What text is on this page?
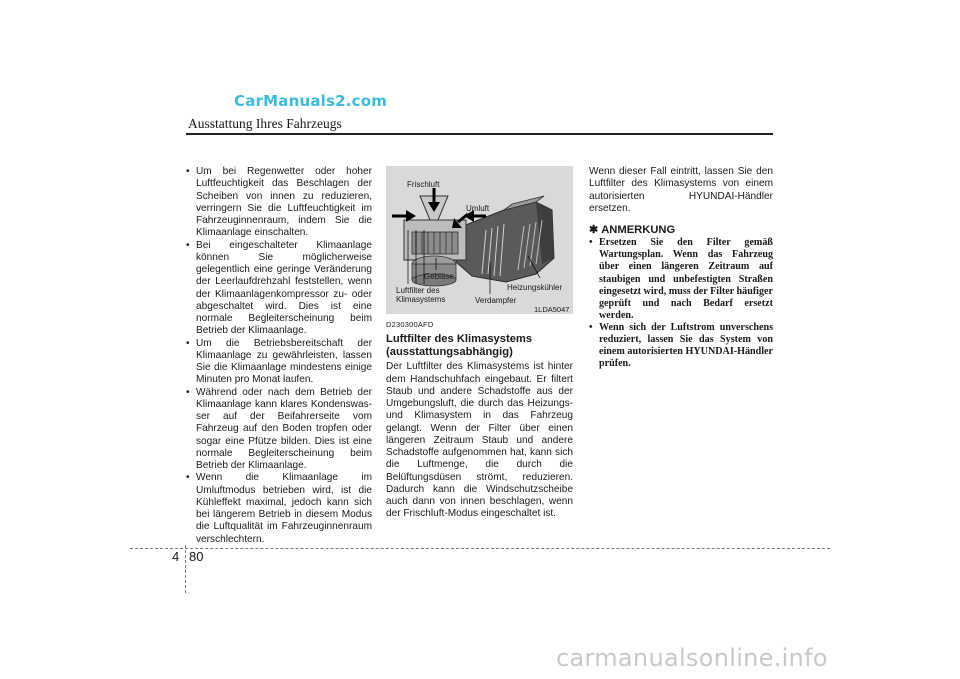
CarManuals2.com
Ausstattung Ihres Fahrzeugs
• Um bei Regenwetter oder hoher Luftfeuchtigkeit das Beschlagen der Scheiben von innen zu reduzieren, verringern Sie die Luftfeuchtigkeit im Fahrzeuginnenraum, indem Sie die Klimaanlage einschalten.
• Bei eingeschalteter Klimaanlage können Sie möglicherweise gelegentlich eine geringe Veränderung der Leerlaufdrehzahl feststellen, wenn der Klimaanlagenkompressor zu- oder abgeschaltet wird. Dies ist eine normale Begleiterscheinung beim Betrieb der Klimaanlage.
• Um die Betriebsbereitschaft der Klimaanlage zu gewährleisten, lassen Sie die Klimaanlage mindestens einige Minuten pro Monat laufen.
• Während oder nach dem Betrieb der Klimaanlage kann klares Kondenswas-ser auf der Beifahrerseite vom Fahrzeug auf den Boden tropfen oder sogar eine Pfütze bilden. Dies ist eine normale Begleiterscheinung beim Betrieb der Klimaanlage.
• Wenn die Klimaanlage im Umluftmodus betrieben wird, ist die Kühleffekt maximal, jedoch kann sich bei längerem Betrieb in diesem Modus die Luftqualität im Fahrzeuginnenraum verschlechtern.
Frischluft
Umluft
Gebläse
Luftfilter des Klimasystems
Heizungskühler
Verdampfer
1LDA5047
D230300AFD
Luftfilter des Klimasystems (ausstattungsabhängig)
Der Luftfilter des Klimasystems ist hinter dem Handschuhfach eingebaut. Er filtert Staub und andere Schadstoffe aus der Umgebungsluft, die durch das Heizungs- und Klimasystem in das Fahrzeug gelangt. Wenn der Filter über einen längeren Zeitraum Staub und andere Schadstoffe aufgenommen hat, kann sich die Luftmenge, die durch die Belüftungsdüsen strömt, reduzieren. Dadurch kann die Windschutzscheibe auch dann von innen beschlagen, wenn der Frischluft-Modus eingeschaltet ist.
Wenn dieser Fall eintritt, lassen Sie den Luftfilter des Klimasystems von einem autorisierten HYUNDAI-Händler ersetzen.
✱ ANMERKUNG
• Ersetzen Sie den Filter gemäß Wartungsplan. Wenn das Fahrzeug über einen längeren Zeitraum auf staubigen und unbefestigten Straßen eingesetzt wird, muss der Filter häufiger geprüft und nach Bedarf ersetzt werden.
• Wenn sich der Luftstrom unverschens reduziert, lassen Sie das System von einem autorisierten HYUNDAI-Händler prüfen.
4 80
carmanualsonline.info
